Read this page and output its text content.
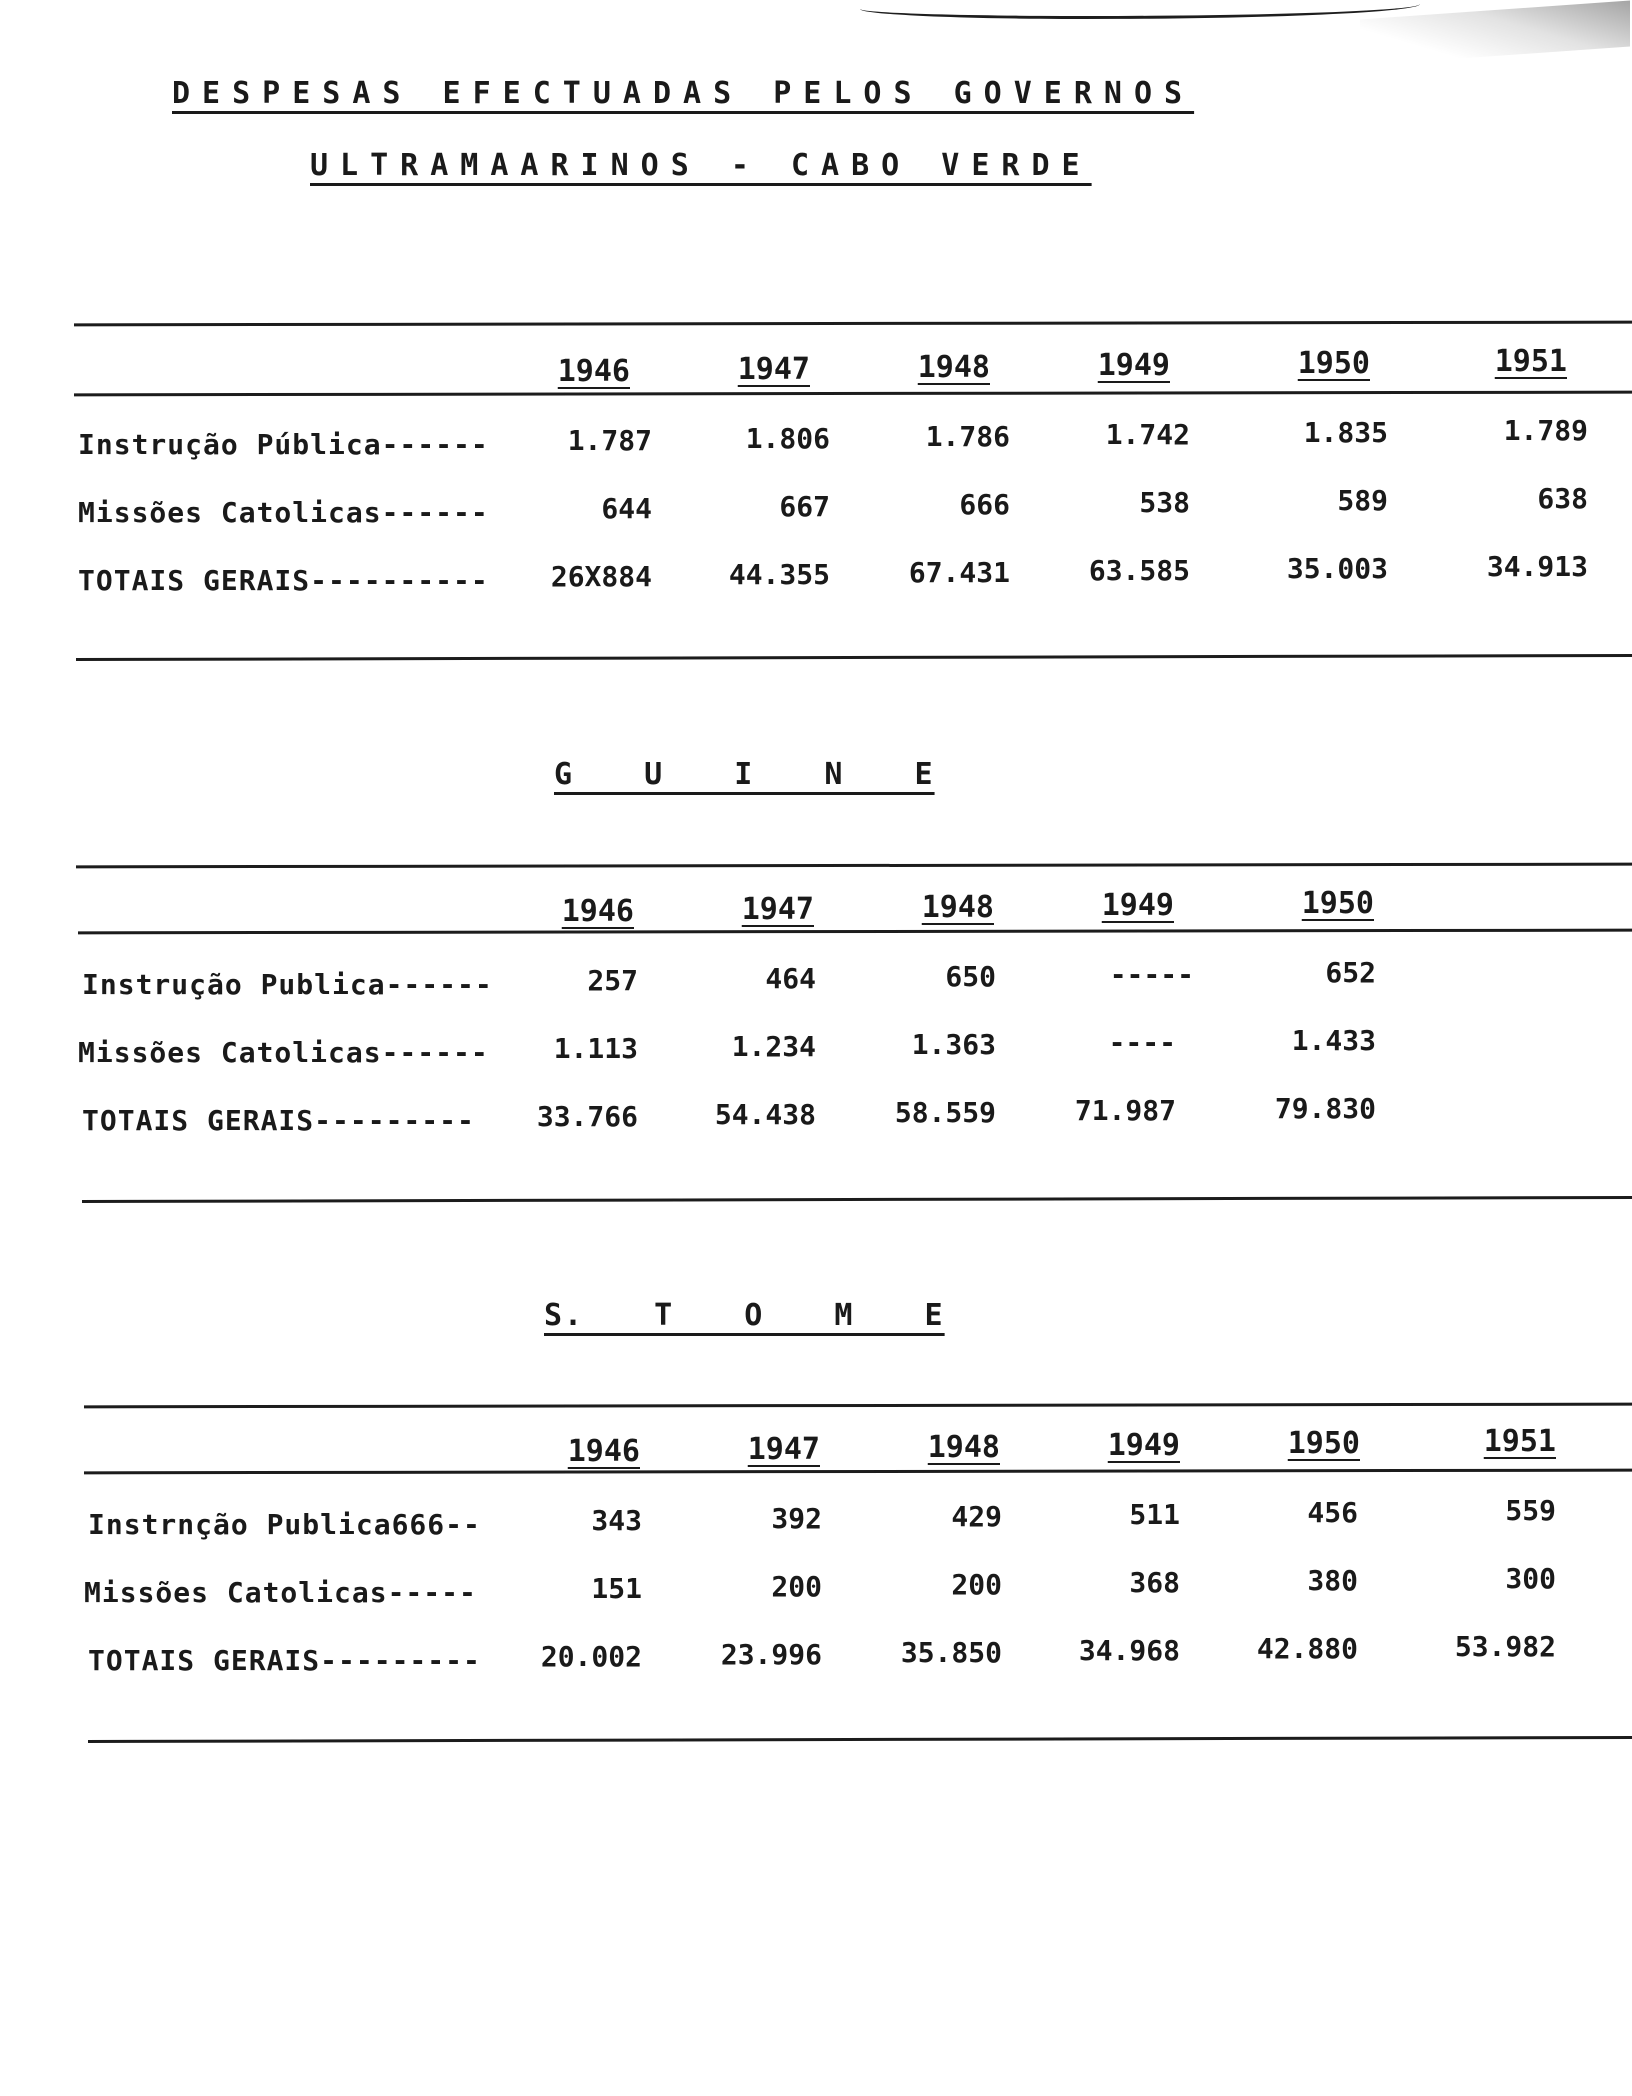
DESPESAS EFECTUADAS PELOS GOVERNOS
ULTRAMAARINOS - CABO VERDE
1946	1947	1948	1949	1950	1951
Instrução Pública------	1.787	1.806	1.786	1.742	1.835	1.789
Missões Catolicas------	644	667	666	538	589	638
TOTAIS GERAIS----------	26X884	44.355	67.431	63.585	35.003	34.913
G U I N E
1946	1947	1948	1949	1950
Instrução Publica------	257	464	650	-----	652
Missões Catolicas------	1.113	1.234	1.363	----	1.433
TOTAIS GERAIS---------	33.766	54.438	58.559	71.987	79.830
S. T O M E
1946	1947	1948	1949	1950	1951
Instrnção Publica666--	343	392	429	511	456	559
Missões Catolicas-----	151	200	200	368	380	300
TOTAIS GERAIS---------	20.002	23.996	35.850	34.968	42.880	53.982
